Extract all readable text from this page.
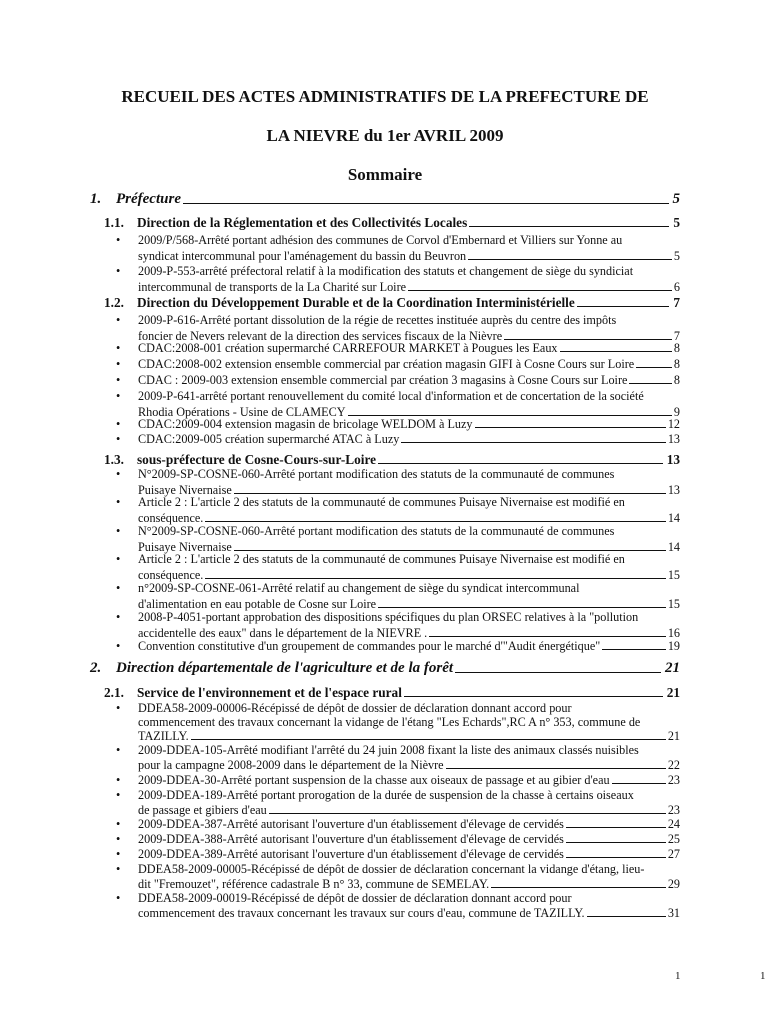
RECUEIL DES ACTES ADMINISTRATIFS DE LA PREFECTURE DE
LA NIEVRE du 1er AVRIL 2009
Sommaire
1. Préfecture	5
1.1. Direction de la Réglementation et des Collectivités Locales	5
• 2009/P/568-Arrêté portant adhésion des communes de Corvol d'Embernard et Villiers sur Yonne au
syndicat intercommunal pour l'aménagement du bassin du Beuvron	5
• 2009-P-553-arrêté préfectoral relatif à la modification des statuts et changement de siège du syndiciat
intercommunal de transports de la La Charité sur Loire	6
1.2. Direction du Développement Durable et de la Coordination Interministérielle	7
• 2009-P-616-Arrêté portant dissolution de la régie de recettes instituée auprès du centre des impôts
foncier de Nevers relevant de la direction des services fiscaux de la Nièvre	7
• CDAC:2008-001 création supermarché CARREFOUR MARKET à Pougues les Eaux	8
• CDAC:2008-002 extension ensemble commercial par création magasin GIFI à Cosne Cours sur Loire	8
• CDAC : 2009-003 extension ensemble commercial par création 3 magasins à Cosne Cours sur Loire	8
• 2009-P-641-arrêté portant renouvellement du comité local d'information et de concertation de la société
Rhodia Opérations - Usine de CLAMECY	9
• CDAC:2009-004 extension magasin de bricolage WELDOM à Luzy	12
• CDAC:2009-005 création supermarché ATAC à Luzy	13
1.3. sous-préfecture de Cosne-Cours-sur-Loire	13
• N°2009-SP-COSNE-060-Arrêté portant modification des statuts de la communauté de communes
Puisaye Nivernaise	13
• Article 2 : L'article 2 des statuts de la communauté de communes Puisaye Nivernaise est modifié en
conséquence.	14
• N°2009-SP-COSNE-060-Arrêté portant modification des statuts de la communauté de communes
Puisaye Nivernaise	14
• Article 2 : L'article 2 des statuts de la communauté de communes Puisaye Nivernaise est modifié en
conséquence.	15
• n°2009-SP-COSNE-061-Arrêté relatif au changement de siège du syndicat intercommunal
d'alimentation en eau potable de Cosne sur Loire	15
• 2008-P-4051-portant approbation des dispositions spécifiques du plan ORSEC relatives à la "pollution
accidentelle des eaux" dans le département de la NIEVRE .	16
• Convention constitutive d'un groupement de commandes pour le marché d'"Audit énergétique"	19
2. Direction départementale de l'agriculture et de la forêt	21
2.1. Service de l'environnement et de l'espace rural	21
• DDEA58-2009-00006-Récépissé de dépôt de dossier de déclaration donnant accord pour
commencement des travaux concernant la vidange de l'étang "Les Echards",RC A n° 353, commune de
TAZILLY.	21
• 2009-DDEA-105-Arrêté modifiant l'arrêté du 24 juin 2008 fixant la liste des animaux classés nuisibles
pour la campagne 2008-2009 dans le département de la Nièvre	22
• 2009-DDEA-30-Arrêté portant suspension de la chasse aux oiseaux de passage et au gibier d'eau	23
• 2009-DDEA-189-Arrêté portant prorogation de la durée de suspension de la chasse à certains oiseaux
de passage et gibiers d'eau	23
• 2009-DDEA-387-Arrêté autorisant l'ouverture d'un établissement d'élevage de cervidés	24
• 2009-DDEA-388-Arrêté autorisant l'ouverture d'un établissement d'élevage de cervidés	25
• 2009-DDEA-389-Arrêté autorisant l'ouverture d'un établissement d'élevage de cervidés	27
• DDEA58-2009-00005-Récépissé de dépôt de dossier de déclaration concernant la vidange d'étang, lieu-
dit "Fremouzet", référence cadastrale B n° 33, commune de SEMELAY.	29
• DDEA58-2009-00019-Récépissé de dépôt de dossier de déclaration donnant accord pour
commencement des travaux concernant les travaux sur cours d'eau, commune de TAZILLY.	31
1	1
